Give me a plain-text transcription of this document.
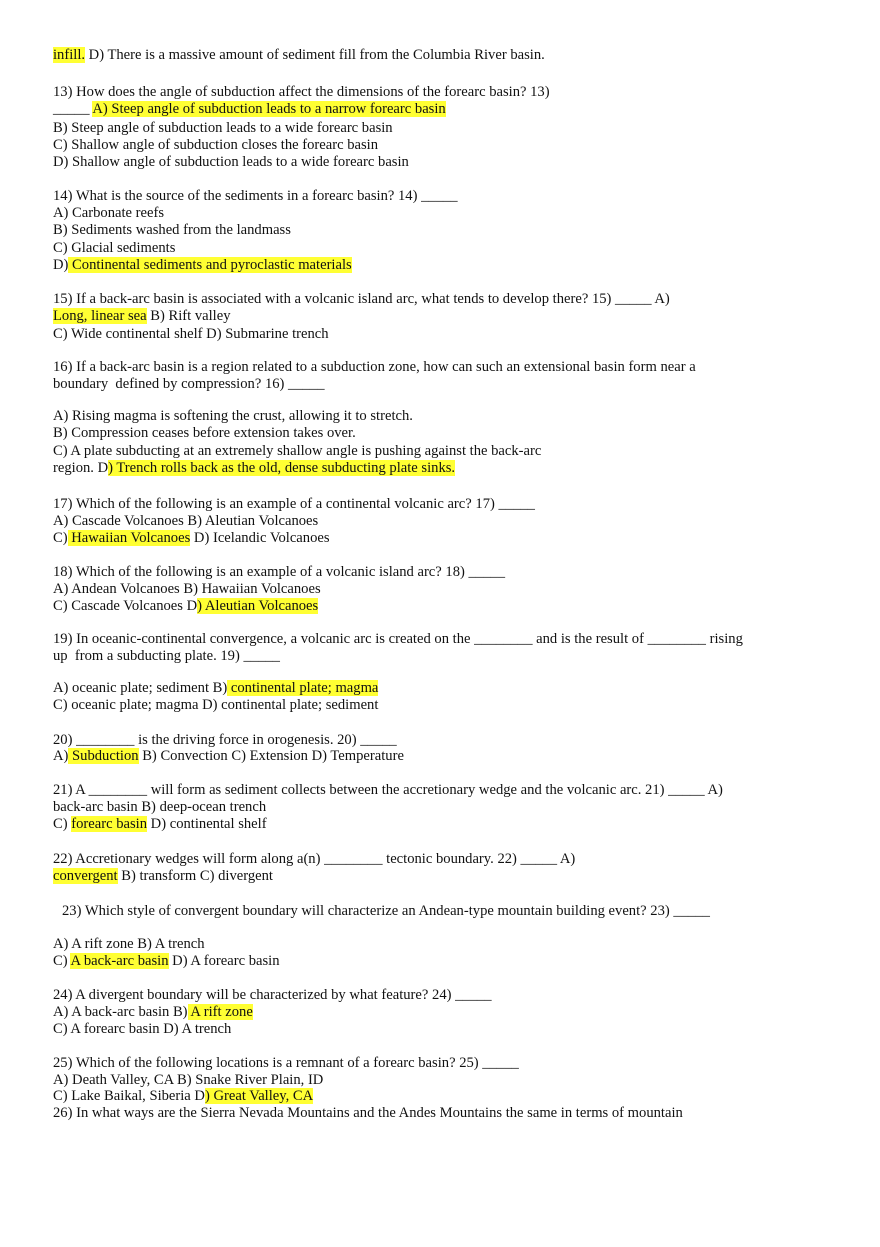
infill. D) There is a massive amount of sediment fill from the Columbia River basin.
13) How does the angle of subduction affect the dimensions of the forearc basin? 13)
_____ A) Steep angle of subduction leads to a narrow forearc basin
B) Steep angle of subduction leads to a wide forearc basin
C) Shallow angle of subduction closes the forearc basin
D) Shallow angle of subduction leads to a wide forearc basin
14) What is the source of the sediments in a forearc basin? 14) _____
A) Carbonate reefs
B) Sediments washed from the landmass
C) Glacial sediments
D) Continental sediments and pyroclastic materials
15) If a back-arc basin is associated with a volcanic island arc, what tends to develop there? 15) _____ A)
Long, linear sea B) Rift valley
C) Wide continental shelf D) Submarine trench
16) If a back-arc basin is a region related to a subduction zone, how can such an extensional basin form near a
boundary  defined by compression? 16) _____
A) Rising magma is softening the crust, allowing it to stretch.
B) Compression ceases before extension takes over.
C) A plate subducting at an extremely shallow angle is pushing against the back-arc
region. D) Trench rolls back as the old, dense subducting plate sinks.
17) Which of the following is an example of a continental volcanic arc? 17) _____
A) Cascade Volcanoes B) Aleutian Volcanoes
C) Hawaiian Volcanoes D) Icelandic Volcanoes
18) Which of the following is an example of a volcanic island arc? 18) _____
A) Andean Volcanoes B) Hawaiian Volcanoes
C) Cascade Volcanoes D) Aleutian Volcanoes
19) In oceanic-continental convergence, a volcanic arc is created on the ________ and is the result of ________ rising
up  from a subducting plate. 19) _____
A) oceanic plate; sediment B) continental plate; magma
C) oceanic plate; magma D) continental plate; sediment
20) ________ is the driving force in orogenesis. 20) _____
A) Subduction B) Convection C) Extension D) Temperature
21) A ________ will form as sediment collects between the accretionary wedge and the volcanic arc. 21) _____ A)
back-arc basin B) deep-ocean trench
C) forearc basin D) continental shelf
22) Accretionary wedges will form along a(n) ________ tectonic boundary. 22) _____ A)
convergent B) transform C) divergent
23) Which style of convergent boundary will characterize an Andean-type mountain building event? 23) _____
A) A rift zone B) A trench
C) A back-arc basin D) A forearc basin
24) A divergent boundary will be characterized by what feature? 24) _____
A) A back-arc basin B) A rift zone
C) A forearc basin D) A trench
25) Which of the following locations is a remnant of a forearc basin? 25) _____
A) Death Valley, CA B) Snake River Plain, ID
C) Lake Baikal, Siberia D) Great Valley, CA
26) In what ways are the Sierra Nevada Mountains and the Andes Mountains the same in terms of mountain
